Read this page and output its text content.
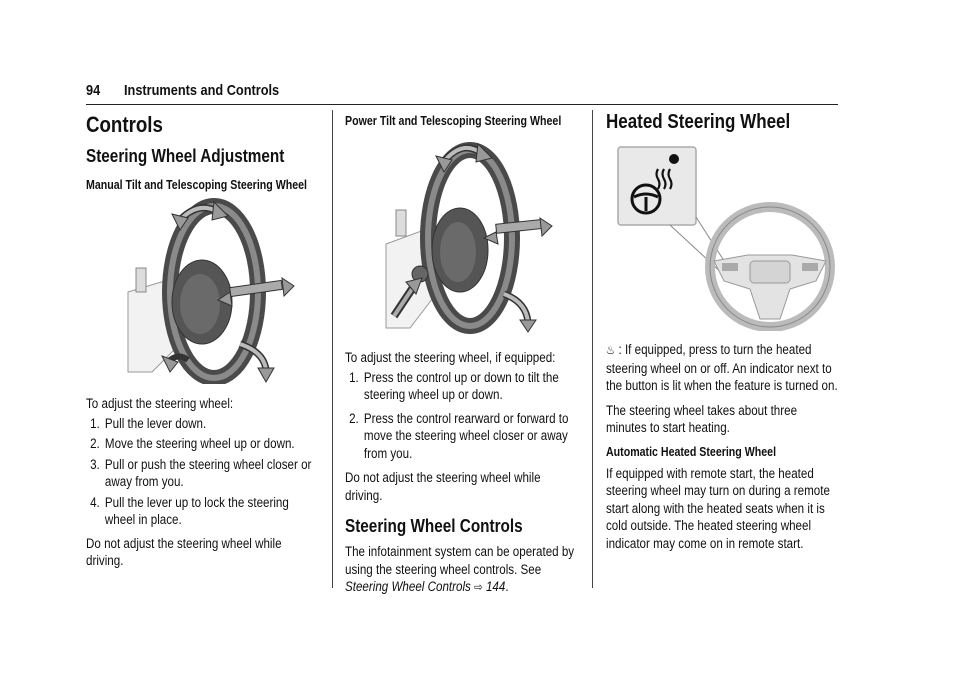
94 Instruments and Controls
Controls
Steering Wheel Adjustment
Manual Tilt and Telescoping Steering Wheel

To adjust the steering wheel:

1. Pull the lever down.
2. Move the steering wheel up or down.
3. Pull or push the steering wheel closer or away from you.
4. Pull the lever up to lock the steering wheel in place.

Do not adjust the steering wheel while driving.

Power Tilt and Telescoping Steering Wheel

To adjust the steering wheel, if equipped:

1. Press the control up or down to tilt the steering wheel up or down.
2. Press the control rearward or forward to move the steering wheel closer or away from you.

Do not adjust the steering wheel while driving.

Steering Wheel Controls

The infotainment system can be operated by using the steering wheel controls. See Steering Wheel Controls ⇨ 144.

Heated Steering Wheel

♨ : If equipped, press to turn the heated steering wheel on or off. An indicator next to the button is lit when the feature is turned on.

The steering wheel takes about three minutes to start heating.

Automatic Heated Steering Wheel

If equipped with remote start, the heated steering wheel may turn on during a remote start along with the heated seats when it is cold outside. The heated steering wheel indicator may come on in remote start.
